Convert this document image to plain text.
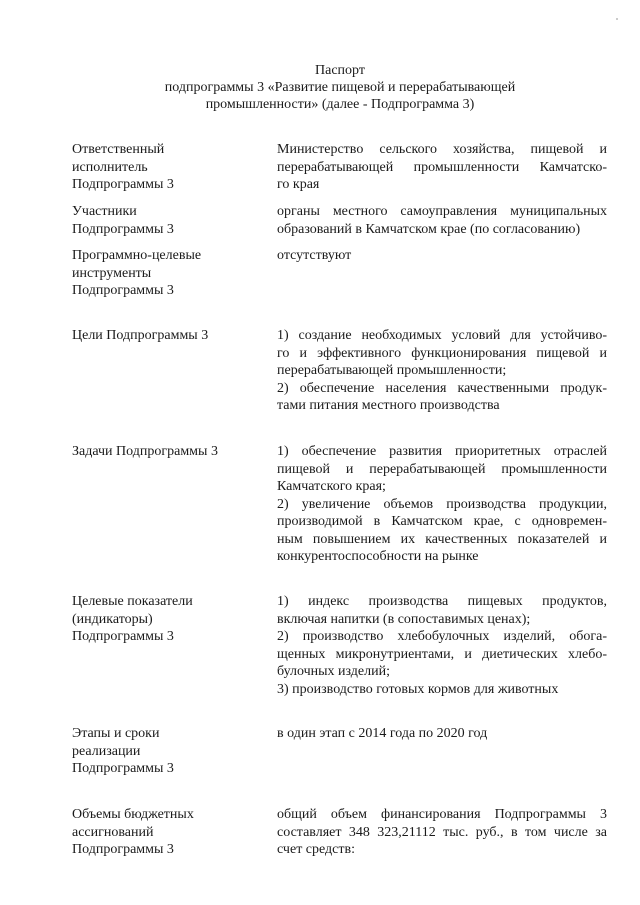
Паспорт
подпрограммы 3 «Развитие пищевой и перерабатывающей
промышленности» (далее - Подпрограмма 3)
Ответственный
исполнитель
Подпрограммы 3
Министерство сельского хозяйства, пищевой и
перерабатывающей промышленности Камчатско-
го края
Участники
Подпрограммы 3
органы местного самоуправления муниципальных
образований в Камчатском крае (по согласованию)
Программно-целевые
инструменты
Подпрограммы 3
отсутствуют
Цели Подпрограммы 3	1) создание необходимых условий для устойчиво-
го и эффективного функционирования пищевой и
перерабатывающей промышленности;
2) обеспечение населения качественными продук-
тами питания местного производства
Задачи Подпрограммы 3	1) обеспечение развития приоритетных отраслей
пищевой и перерабатывающей промышленности
Камчатского края;
2) увеличение объемов производства продукции,
производимой в Камчатском крае, с одновремен-
ным повышением их качественных показателей и
конкурентоспособности на рынке
Целевые показатели
(индикаторы)
Подпрограммы 3
1) индекс производства пищевых продуктов,
включая напитки (в сопоставимых ценах);
2) производство хлебобулочных изделий, обога-
щенных микронутриентами, и диетических хлебо-
булочных изделий;
3) производство готовых кормов для животных
Этапы и сроки
реализации
Подпрограммы 3
в один этап с 2014 года по 2020 год
Объемы бюджетных
ассигнований
Подпрограммы 3
общий объем финансирования Подпрограммы 3
составляет 348 323,21112 тыс. руб., в том числе за
счет средств:
